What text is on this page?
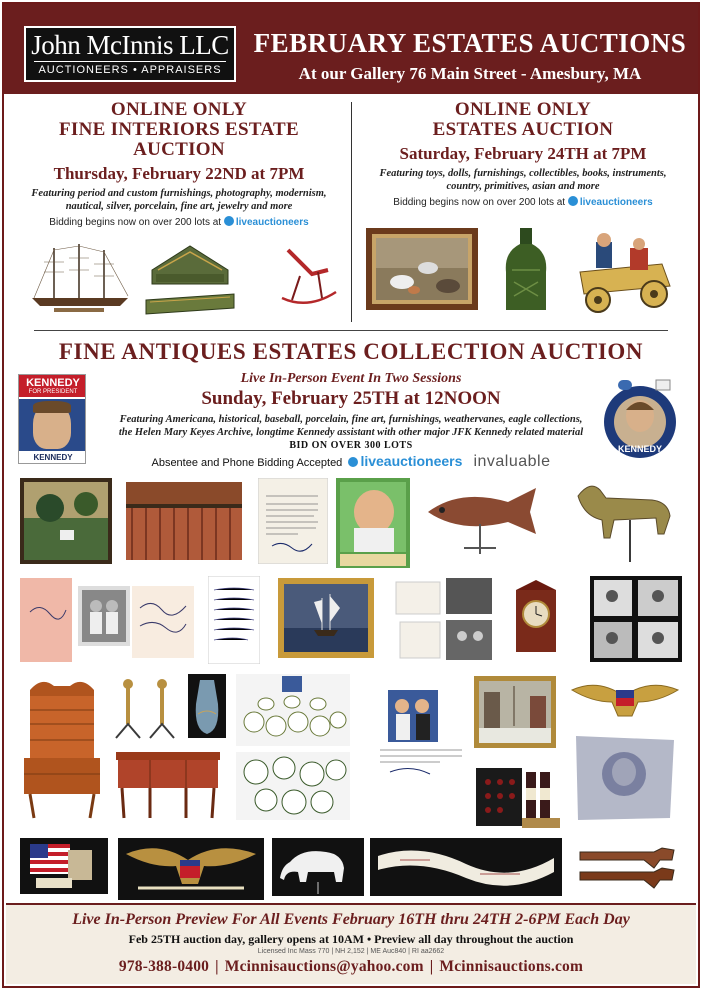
John McInnis LLC
AUCTIONEERS • APPRAISERS
FEBRUARY ESTATES AUCTIONS
At our Gallery 76 Main Street - Amesbury, MA
ONLINE ONLY
FINE INTERIORS ESTATE
AUCTION
Thursday, February 22ND at 7PM
Featuring period and custom furnishings, photography, modernism,
nautical, silver, porcelain, fine art, jewelry and more
Bidding begins now on over 200 lots at liveauctioneers
ONLINE ONLY
ESTATES AUCTION
Saturday, February 24TH at 7PM
Featuring toys, dolls, furnishings, collectibles, books, instruments,
country, primitives, asian and more
Bidding begins now on over 200 lots at liveauctioneers
FINE ANTIQUES ESTATES COLLECTION AUCTION
KENNEDY
FOR PRESIDENT
KENNEDY
KENNEDY
Live In-Person Event In Two Sessions
Sunday, February 25TH at 12NOON
Featuring Americana, historical, baseball, porcelain, fine art, furnishings, weathervanes, eagle collections,
the Helen Mary Keyes Archive, longtime Kennedy assistant with other major JFK Kennedy related material
BID ON OVER 300 LOTS
Absentee and Phone Bidding Accepted liveauctioneers invaluable
Live In-Person Preview For All Events February 16TH thru 24TH 2-6PM Each Day
Feb 25TH auction day, gallery opens at 10AM • Preview all day throughout the auction
Licensed Inc Mass 770 | NH 2,152 | ME Auc840 | RI aa2662
978-388-0400 | Mcinnisauctions@yahoo.com | Mcinnisauctions.com
